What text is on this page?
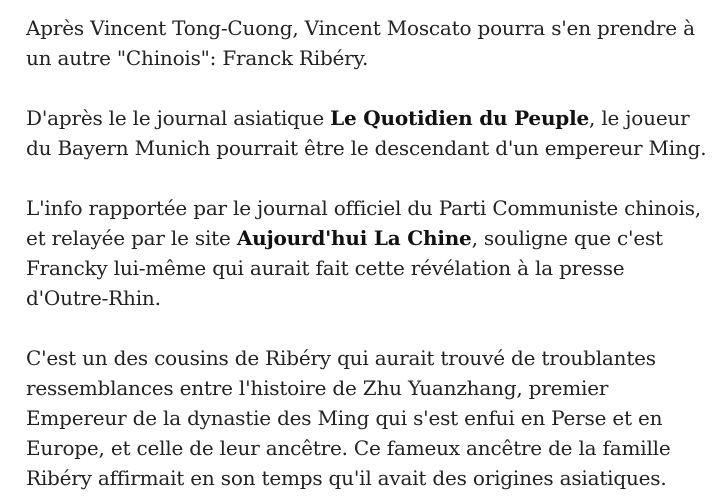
Après Vincent Tong-Cuong, Vincent Moscato pourra s'en prendre à un autre "Chinois": Franck Ribéry.

D'après le le journal asiatique Le Quotidien du Peuple, le joueur du Bayern Munich pourrait être le descendant d'un empereur Ming.

L'info rapportée par le journal officiel du Parti Communiste chinois, et relayée par le site Aujourd'hui La Chine, souligne que c'est Francky lui-même qui aurait fait cette révélation à la presse d'Outre-Rhin.

C'est un des cousins de Ribéry qui aurait trouvé de troublantes ressemblances entre l'histoire de Zhu Yuanzhang, premier Empereur de la dynastie des Ming qui s'est enfui en Perse et en Europe, et celle de leur ancêtre. Ce fameux ancêtre de la famille Ribéry affirmait en son temps qu'il avait des origines asiatiques.
